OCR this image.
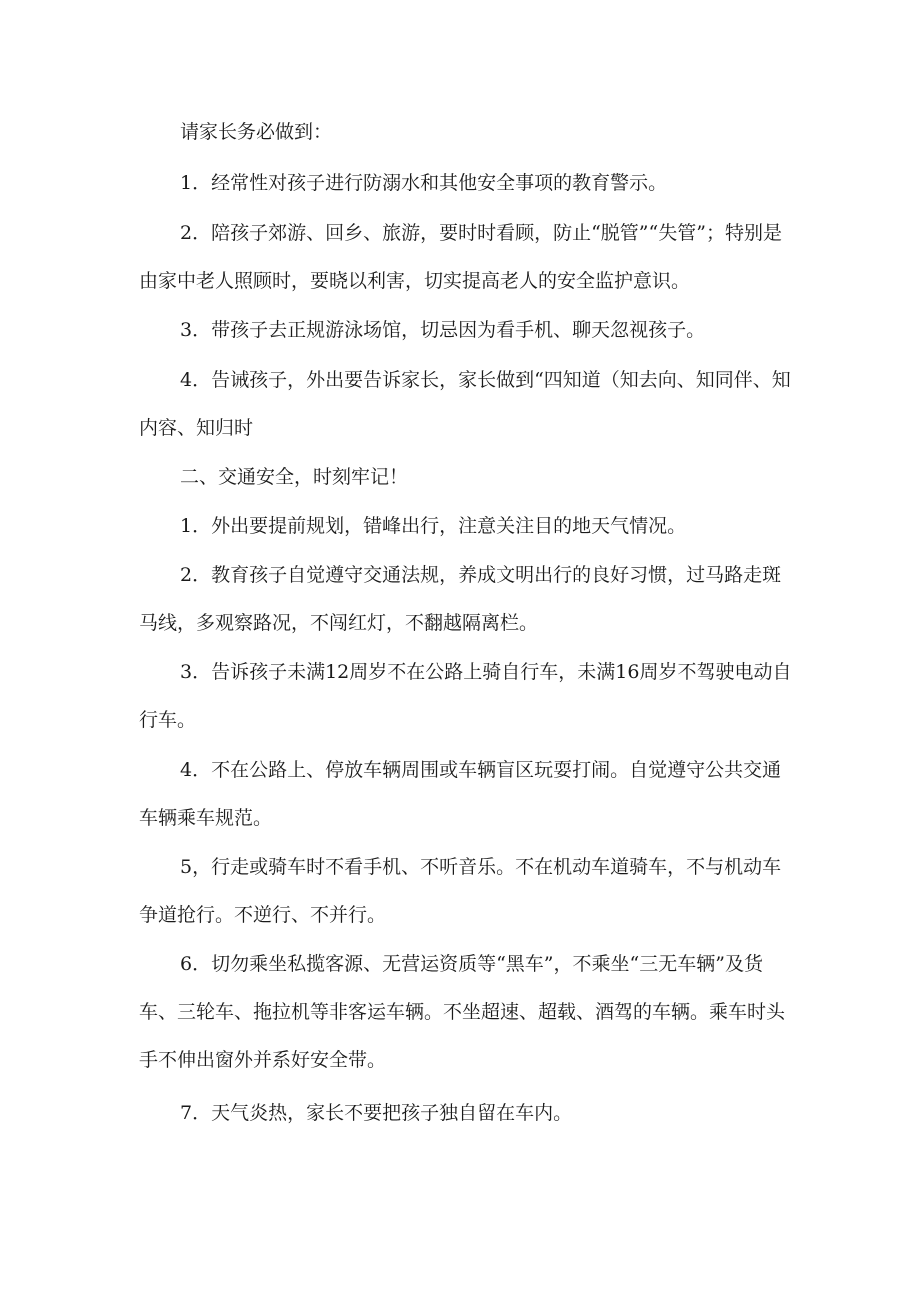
请家长务必做到：

1．经常性对孩子进行防溺水和其他安全事项的教育警示。

2．陪孩子郊游、回乡、旅游，要时时看顾，防止“脱管”“失管”；特别是由家中老人照顾时，要晓以利害，切实提高老人的安全监护意识。

3．带孩子去正规游泳场馆，切忌因为看手机、聊天忽视孩子。

4．告诫孩子，外出要告诉家长，家长做到“四知道（知去向、知同伴、知内容、知归时

二、交通安全，时刻牢记！

1．外出要提前规划，错峰出行，注意关注目的地天气情况。

2．教育孩子自觉遵守交通法规，养成文明出行的良好习惯，过马路走斑马线，多观察路况，不闯红灯，不翻越隔离栏。

3．告诉孩子未满12周岁不在公路上骑自行车，未满16周岁不驾驶电动自行车。

4．不在公路上、停放车辆周围或车辆盲区玩耍打闹。自觉遵守公共交通车辆乘车规范。

5，行走或骑车时不看手机、不听音乐。不在机动车道骑车，不与机动车争道抢行。不逆行、不并行。

6．切勿乘坐私揽客源、无营运资质等“黑车”，不乘坐“三无车辆”及货车、三轮车、拖拉机等非客运车辆。不坐超速、超载、酒驾的车辆。乘车时头手不伸出窗外并系好安全带。

7．天气炎热，家长不要把孩子独自留在车内。
